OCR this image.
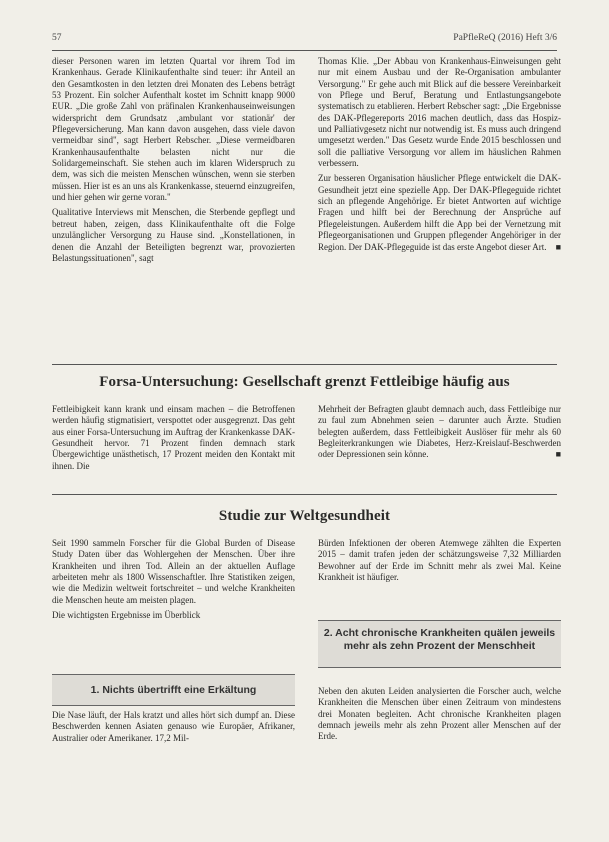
57	PaPfleReQ (2016) Heft 3/6

dieser Personen waren im letzten Quartal vor ihrem Tod im Krankenhaus. Gerade Klinikaufenthalte sind teuer: ihr Anteil an den Gesamtkosten in den letzten drei Monaten des Lebens beträgt 53 Prozent. Ein solcher Aufenthalt kostet im Schnitt knapp 9000 EUR. „Die große Zahl von präfinalen Krankenhauseinweisungen widerspricht dem Grundsatz ‚ambulant vor stationär' der Pflegeversicherung. Man kann davon ausgehen, dass viele davon vermeidbar sind", sagt Herbert Rebscher. „Diese vermeidbaren Krankenhausaufenthalte belasten nicht nur die Solidargemeinschaft. Sie stehen auch im klaren Widerspruch zu dem, was sich die meisten Menschen wünschen, wenn sie sterben müssen. Hier ist es an uns als Krankenkasse, steuernd einzugreifen, und hier gehen wir gerne voran."

Qualitative Interviews mit Menschen, die Sterbende gepflegt und betreut haben, zeigen, dass Klinikaufenthalte oft die Folge unzulänglicher Versorgung zu Hause sind. „Konstellationen, in denen die Anzahl der Beteiligten begrenzt war, provozierten Belastungssituationen", sagt

Thomas Klie. „Der Abbau von Krankenhaus-Einweisungen geht nur mit einem Ausbau und der Re-Organisation ambulanter Versorgung." Er gehe auch mit Blick auf die bessere Vereinbarkeit von Pflege und Beruf, Beratung und Entlastungsangebote systematisch zu etablieren. Herbert Rebscher sagt: „Die Ergebnisse des DAK-Pflegereports 2016 machen deutlich, dass das Hospiz- und Palliativgesetz nicht nur notwendig ist. Es muss auch dringend umgesetzt werden." Das Gesetz wurde Ende 2015 beschlossen und soll die palliative Versorgung vor allem im häuslichen Rahmen verbessern.

Zur besseren Organisation häuslicher Pflege entwickelt die DAK-Gesundheit jetzt eine spezielle App. Der DAK-Pflegeguide richtet sich an pflegende Angehörige. Er bietet Antworten auf wichtige Fragen und hilft bei der Berechnung der Ansprüche auf Pflegeleistungen. Außerdem hilft die App bei der Vernetzung mit Pflegeorganisationen und Gruppen pflegender Angehöriger in der Region. Der DAK-Pflegeguide ist das erste Angebot dieser Art. ■

Forsa-Untersuchung: Gesellschaft grenzt Fettleibige häufig aus

Fettleibigkeit kann krank und einsam machen – die Betroffenen werden häufig stigmatisiert, verspottet oder ausgegrenzt. Das geht aus einer Forsa-Untersuchung im Auftrag der Krankenkasse DAK-Gesundheit hervor. 71 Prozent finden demnach stark Übergewichtige unästhetisch, 17 Prozent meiden den Kontakt mit ihnen. Die

Mehrheit der Befragten glaubt demnach auch, dass Fettleibige nur zu faul zum Abnehmen seien – darunter auch Ärzte. Studien belegten außerdem, dass Fettleibigkeit Auslöser für mehr als 60 Begleiterkrankungen wie Diabetes, Herz-Kreislauf-Beschwerden oder Depressionen sein könne.	■

Studie zur Weltgesundheit

Seit 1990 sammeln Forscher für die Global Burden of Disease Study Daten über das Wohlergehen der Menschen. Über ihre Krankheiten und ihren Tod. Allein an der aktuellen Auflage arbeiteten mehr als 1800 Wissenschaftler. Ihre Statistiken zeigen, wie die Medizin weltweit fortschreitet – und welche Krankheiten die Menschen heute am meisten plagen.

Die wichtigsten Ergebnisse im Überblick

Bürden Infektionen der oberen Atemwege zählten die Experten 2015 – damit trafen jeden der schätzungsweise 7,32 Milliarden Bewohner auf der Erde im Schnitt mehr als zwei Mal. Keine Krankheit ist häufiger.

1. Nichts übertrifft eine Erkältung

Die Nase läuft, der Hals kratzt und alles hört sich dumpf an. Diese Beschwerden kennen Asiaten genauso wie Europäer, Afrikaner, Australier oder Amerikaner. 17,2 Mil-

2. Acht chronische Krankheiten quälen jeweils
mehr als zehn Prozent der Menschheit

Neben den akuten Leiden analysierten die Forscher auch, welche Krankheiten die Menschen über einen Zeitraum von mindestens drei Monaten begleiten. Acht chronische Krankheiten plagen demnach jeweils mehr als zehn Prozent aller Menschen auf der Erde.
